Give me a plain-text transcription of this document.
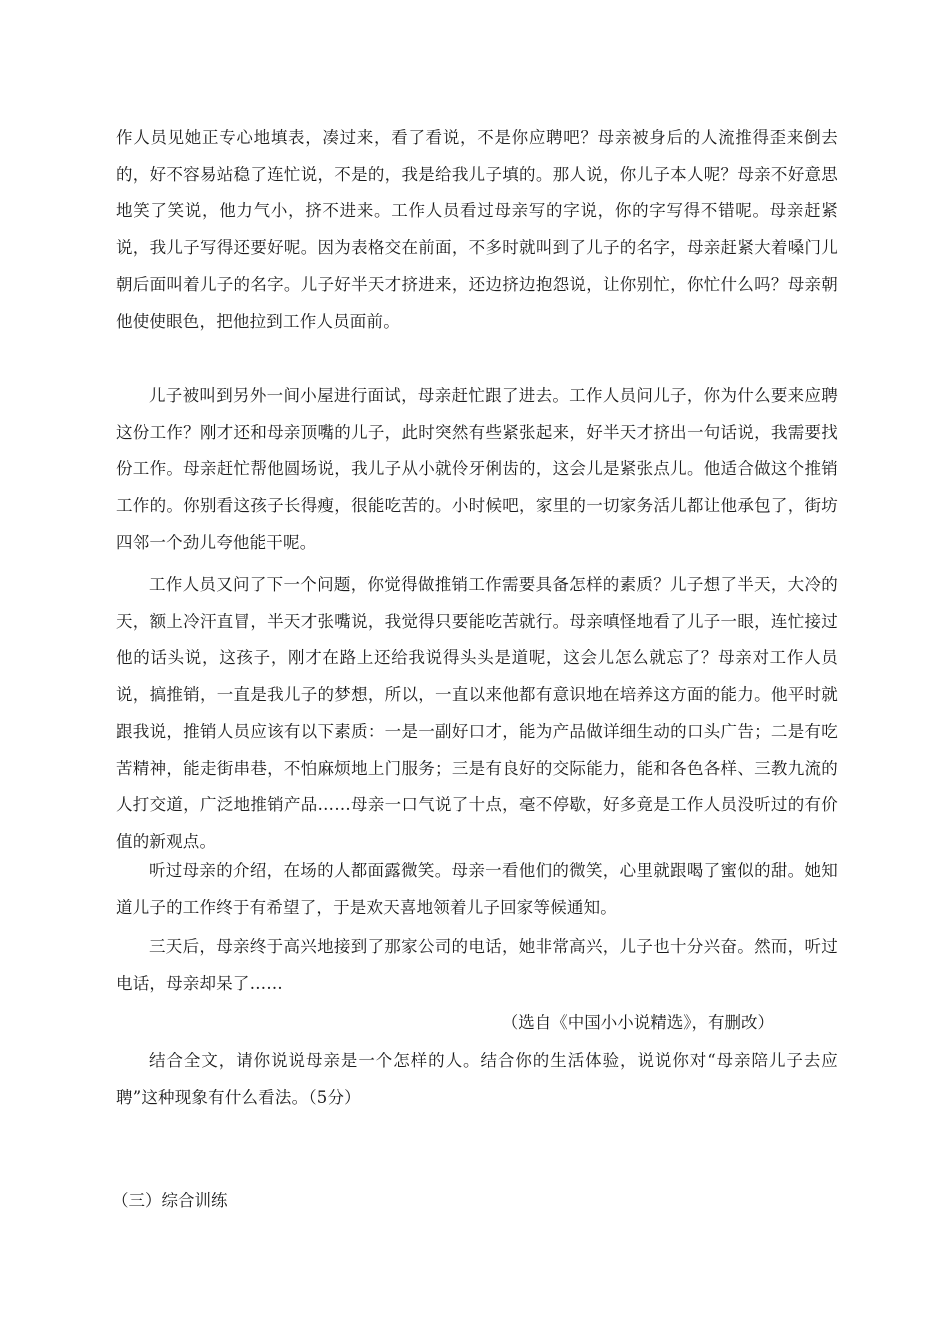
作人员见她正专心地填表，凑过来，看了看说，不是你应聘吧？母亲被身后的人流推得歪来倒去的，好不容易站稳了连忙说，不是的，我是给我儿子填的。那人说，你儿子本人呢？母亲不好意思地笑了笑说，他力气小，挤不进来。工作人员看过母亲写的字说，你的字写得不错呢。母亲赶紧说，我儿子写得还要好呢。因为表格交在前面，不多时就叫到了儿子的名字，母亲赶紧大着嗓门儿朝后面叫着儿子的名字。儿子好半天才挤进来，还边挤边抱怨说，让你别忙，你忙什么吗？母亲朝他使使眼色，把他拉到工作人员面前。

儿子被叫到另外一间小屋进行面试，母亲赶忙跟了进去。工作人员问儿子，你为什么要来应聘这份工作？刚才还和母亲顶嘴的儿子，此时突然有些紧张起来，好半天才挤出一句话说，我需要找份工作。母亲赶忙帮他圆场说，我儿子从小就伶牙俐齿的，这会儿是紧张点儿。他适合做这个推销工作的。你别看这孩子长得瘦，很能吃苦的。小时候吧，家里的一切家务活儿都让他承包了，街坊四邻一个劲儿夸他能干呢。

工作人员又问了下一个问题，你觉得做推销工作需要具备怎样的素质？儿子想了半天，大冷的天，额上冷汗直冒，半天才张嘴说，我觉得只要能吃苦就行。母亲嗔怪地看了儿子一眼，连忙接过他的话头说，这孩子，刚才在路上还给我说得头头是道呢，这会儿怎么就忘了？母亲对工作人员说，搞推销，一直是我儿子的梦想，所以，一直以来他都有意识地在培养这方面的能力。他平时就跟我说，推销人员应该有以下素质：一是一副好口才，能为产品做详细生动的口头广告；二是有吃苦精神，能走街串巷，不怕麻烦地上门服务；三是有良好的交际能力，能和各色各样、三教九流的人打交道，广泛地推销产品……母亲一口气说了十点，毫不停歇，好多竟是工作人员没听过的有价值的新观点。

听过母亲的介绍，在场的人都面露微笑。母亲一看他们的微笑，心里就跟喝了蜜似的甜。她知道儿子的工作终于有希望了，于是欢天喜地领着儿子回家等候通知。

三天后，母亲终于高兴地接到了那家公司的电话，她非常高兴，儿子也十分兴奋。然而，听过电话，母亲却呆了……

（选自《中国小小说精选》，有删改）

结合全文，请你说说母亲是一个怎样的人。结合你的生活体验，说说你对“母亲陪儿子去应聘”这种现象有什么看法。（5分）

（三）综合训练
